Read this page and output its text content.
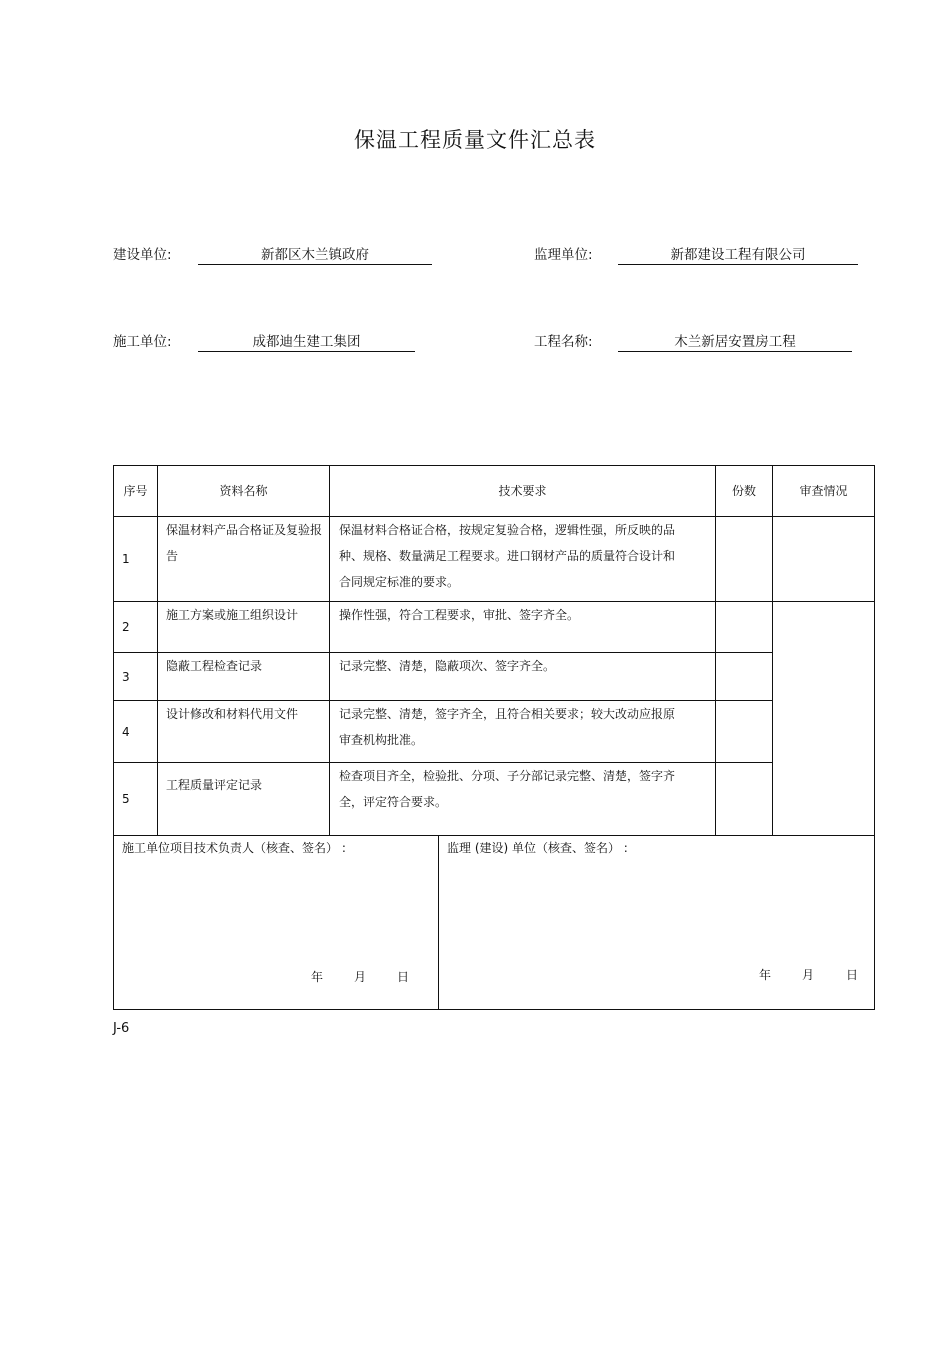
保温工程质量文件汇总表
建设单位:	新都区木兰镇政府	监理单位:	新都建设工程有限公司
施工单位:	成都迪生建工集团	工程名称:	木兰新居安置房工程
序号	资料名称	技术要求		份数	审查情况
1	保温材料产品合格证及复验报告	保温材料合格证合格，按规定复验合格，逻辑性强，所反映的品种、规格、数量满足工程要求。进口钢材产品的质量符合设计和合同规定标准的要求。			
2	施工方案或施工组织设计	操作性强，符合工程要求，审批、签字齐全。			
3	隐蔽工程检查记录	记录完整、清楚，隐蔽项次、签字齐全。			
4	设计修改和材料代用文件	记录完整、清楚，签字齐全，且符合相关要求；较大改动应报原审查机构批准。			
5	工程质量评定记录	检查项目齐全，检验批、分项、子分部记录完整、清楚，签字齐全，评定符合要求。			

施工单位项目技术负责人（核查、签名） :
年 月 日			监理 (建设) 单位（核查、签名） :
年 月 日		
J-6
